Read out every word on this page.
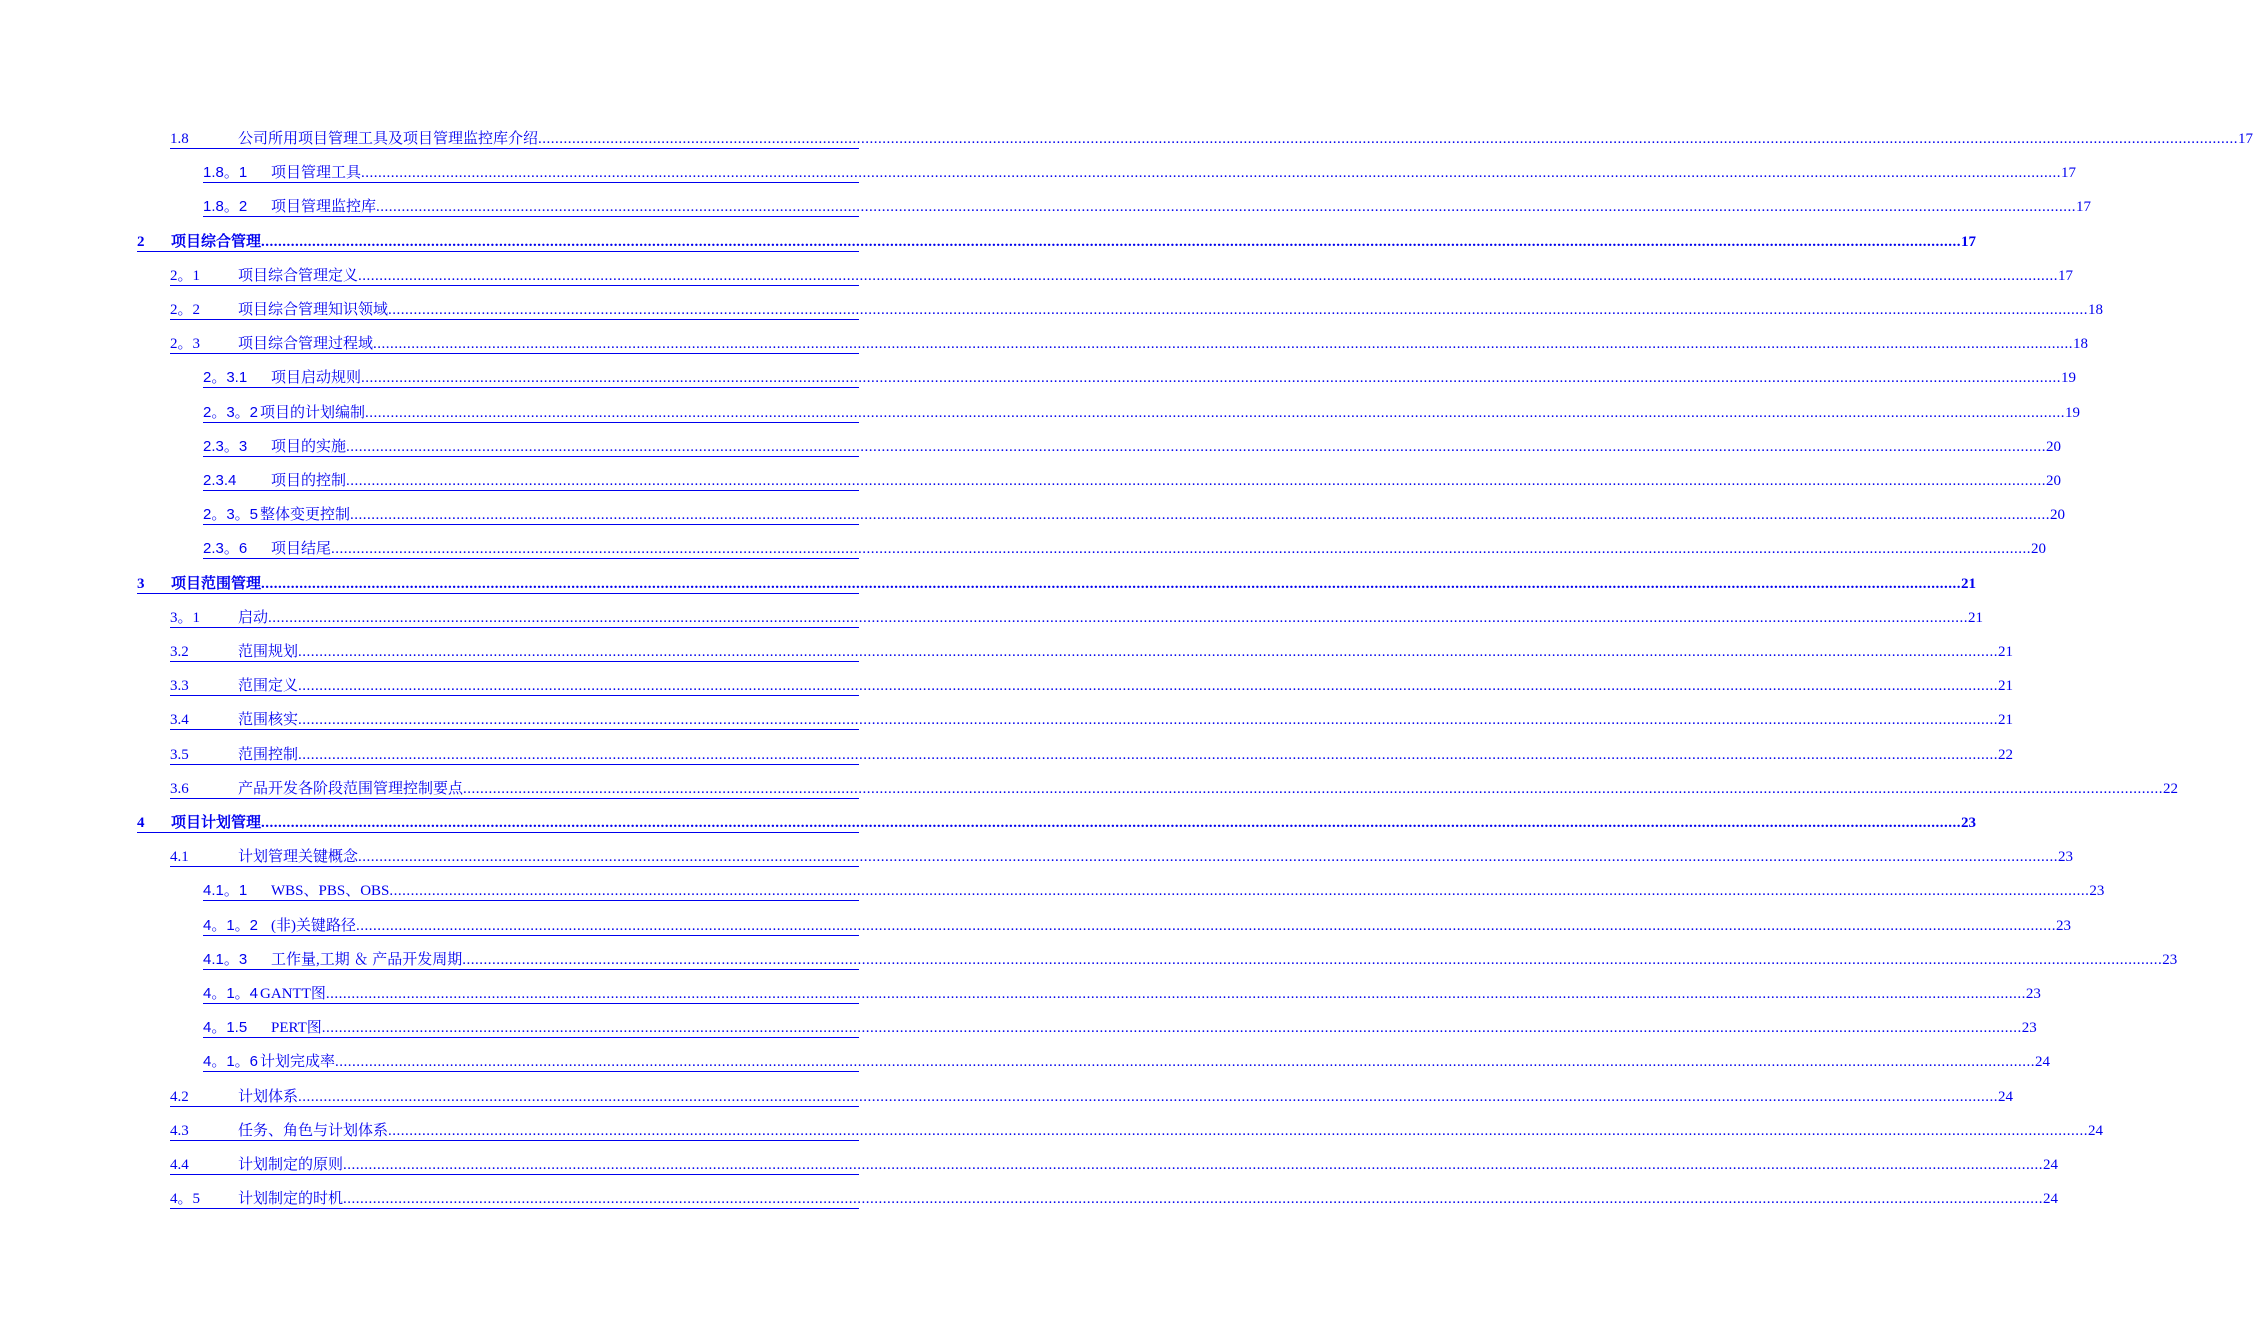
1.8	公司所用项目管理工具及项目管理监控库介绍 ................................................................................................................................................................................................................................................................................................................................................................................................................ 17
1.8。1	项目管理工具 ................................................................................................................................................................................................................................................................................................................................................................................................................ 17
1.8。2	项目管理监控库 ................................................................................................................................................................................................................................................................................................................................................................................................................ 17
2	项目综合管理 ................................................................................................................................................................................................................................................................................................................................................................................................................ 17
2。1	项目综合管理定义 ................................................................................................................................................................................................................................................................................................................................................................................................................ 17
2。2	项目综合管理知识领域 ................................................................................................................................................................................................................................................................................................................................................................................................................ 18
2。3	项目综合管理过程域 ................................................................................................................................................................................................................................................................................................................................................................................................................ 18
2。3.1	项目启动规则 ................................................................................................................................................................................................................................................................................................................................................................................................................ 19
2。3。2 项目的计划编制 ................................................................................................................................................................................................................................................................................................................................................................................................................ 19
2.3。3	项目的实施 ................................................................................................................................................................................................................................................................................................................................................................................................................ 20
2.3.4	项目的控制 ................................................................................................................................................................................................................................................................................................................................................................................................................ 20
2。3。5 整体变更控制 ................................................................................................................................................................................................................................................................................................................................................................................................................ 20
2.3。6	项目结尾 ................................................................................................................................................................................................................................................................................................................................................................................................................ 20
3	项目范围管理 ................................................................................................................................................................................................................................................................................................................................................................................................................ 21
3。1	启动 ................................................................................................................................................................................................................................................................................................................................................................................................................ 21
3.2	范围规划 ................................................................................................................................................................................................................................................................................................................................................................................................................ 21
3.3	范围定义 ................................................................................................................................................................................................................................................................................................................................................................................................................ 21
3.4	范围核实 ................................................................................................................................................................................................................................................................................................................................................................................................................ 21
3.5	范围控制 ................................................................................................................................................................................................................................................................................................................................................................................................................ 22
3.6	产品开发各阶段范围管理控制要点 ................................................................................................................................................................................................................................................................................................................................................................................................................ 22
4	项目计划管理 ................................................................................................................................................................................................................................................................................................................................................................................................................ 23
4.1	计划管理关键概念 ................................................................................................................................................................................................................................................................................................................................................................................................................ 23
4.1。1	WBS、PBS、OBS ................................................................................................................................................................................................................................................................................................................................................................................................................ 23
4。1。2 (非)关键路径 ................................................................................................................................................................................................................................................................................................................................................................................................................ 23
4.1。3	工作量,工期 ＆ 产品开发周期 ................................................................................................................................................................................................................................................................................................................................................................................................................ 23
4。1。4 GANTT图 ................................................................................................................................................................................................................................................................................................................................................................................................................ 23
4。1.5	PERT图 ................................................................................................................................................................................................................................................................................................................................................................................................................ 23
4。1。6 计划完成率 ................................................................................................................................................................................................................................................................................................................................................................................................................ 24
4.2	计划体系 ................................................................................................................................................................................................................................................................................................................................................................................................................ 24
4.3	任务、角色与计划体系 ................................................................................................................................................................................................................................................................................................................................................................................................................ 24
4.4	计划制定的原则 ................................................................................................................................................................................................................................................................................................................................................................................................................ 24
4。5	计划制定的时机 ................................................................................................................................................................................................................................................................................................................................................................................................................ 24
